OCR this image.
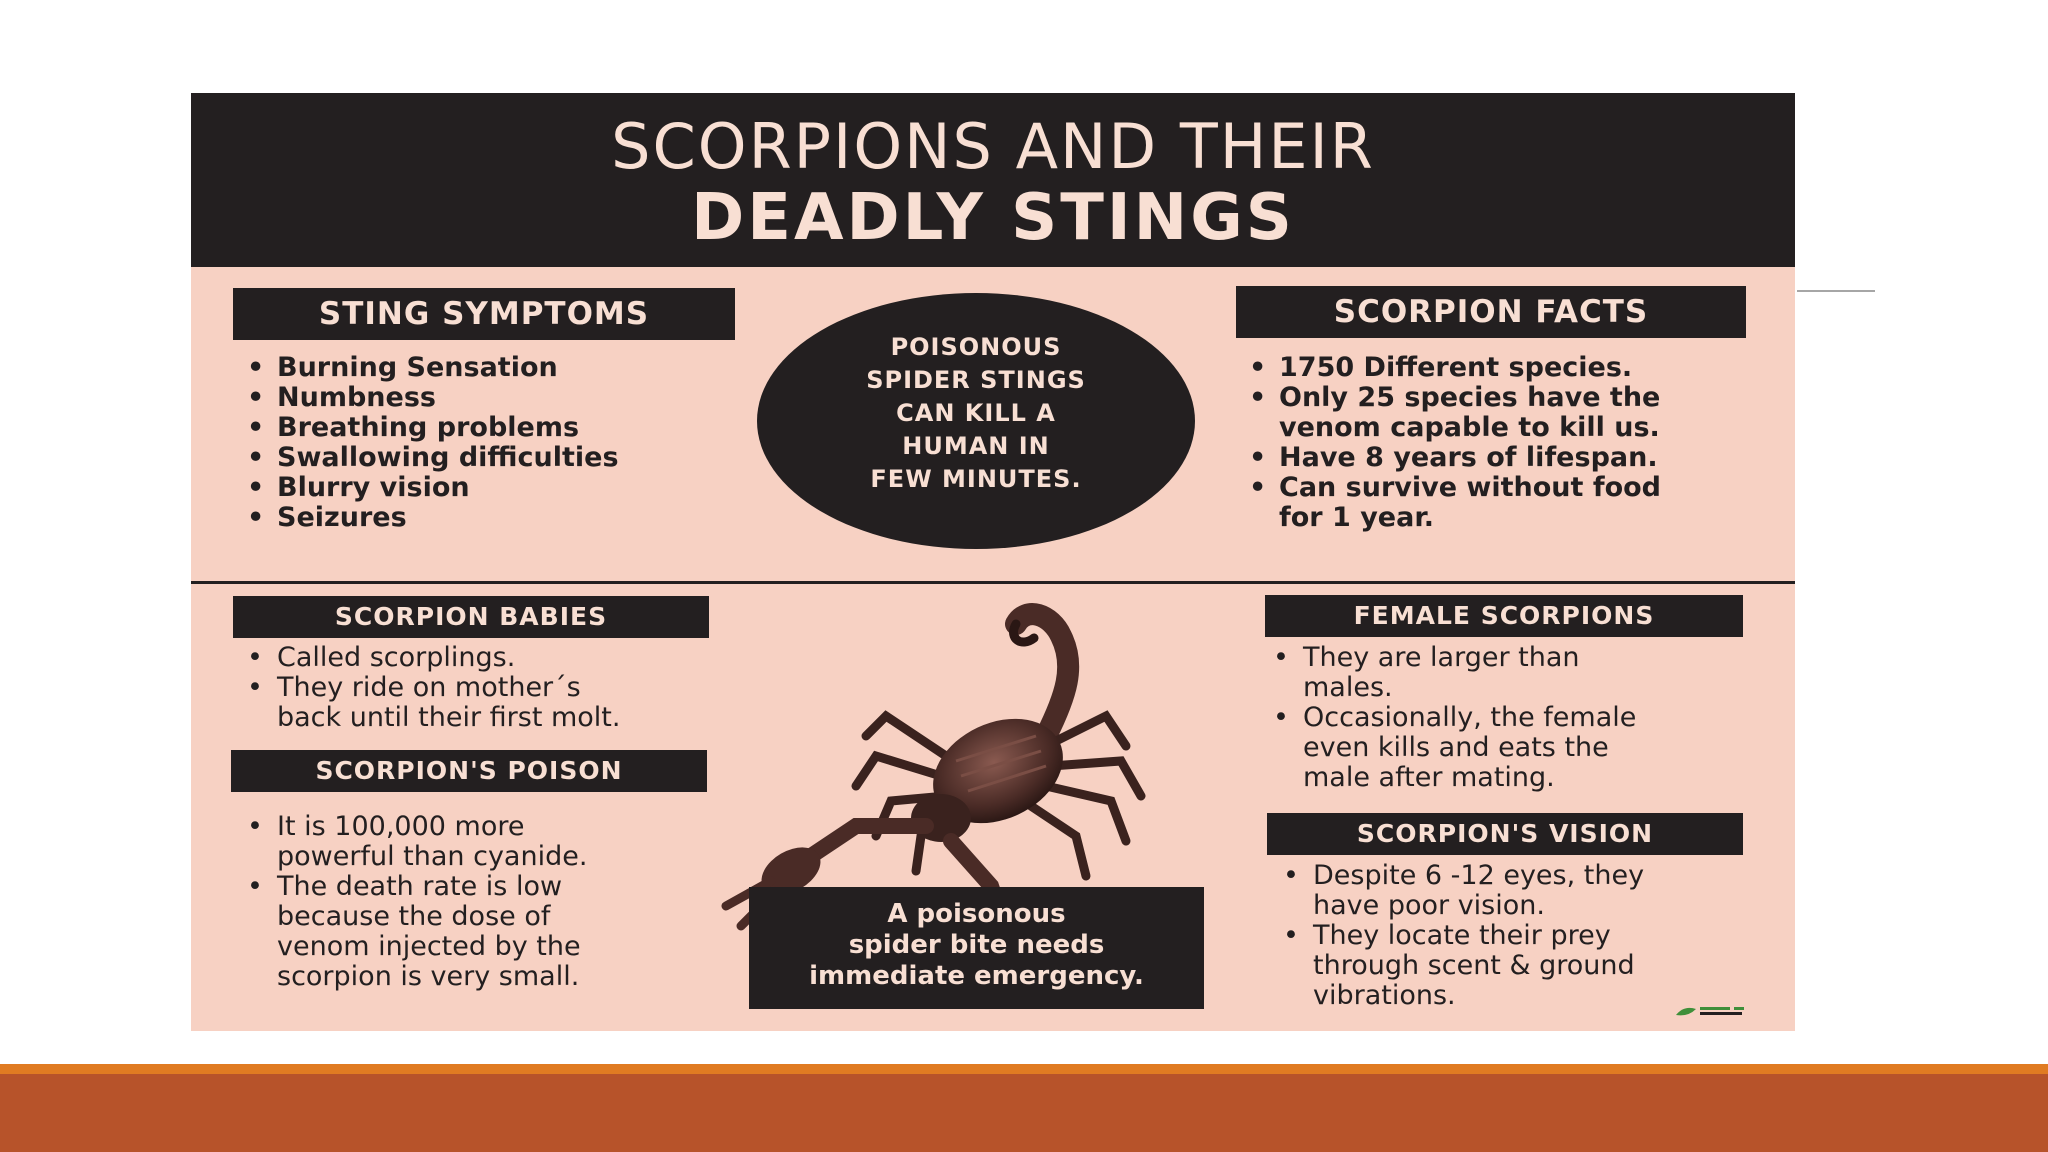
SCORPIONS AND THEIR
DEADLY STINGS
STING SYMPTOMS
• Burning Sensation
• Numbness
• Breathing problems
• Swallowing difficulties
• Blurry vision
• Seizures
POISONOUS
SPIDER STINGS
CAN KILL A
HUMAN IN
FEW MINUTES.
SCORPION FACTS
• 1750 Different species.
• Only 25 species have the
venom capable to kill us.
• Have 8 years of lifespan.
• Can survive without food
for 1 year.
SCORPION BABIES
• Called scorplings.
• They ride on mother´s
back until their first molt.
SCORPION'S POISON
• It is 100,000 more
powerful than cyanide.
• The death rate is low
because the dose of
venom injected by the
scorpion is very small.
A poisonous
spider bite needs
immediate emergency.
FEMALE SCORPIONS
• They are larger than
males.
• Occasionally, the female
even kills and eats the
male after mating.
SCORPION'S VISION
• Despite 6 -12 eyes, they
have poor vision.
• They locate their prey
through scent & ground
vibrations.
